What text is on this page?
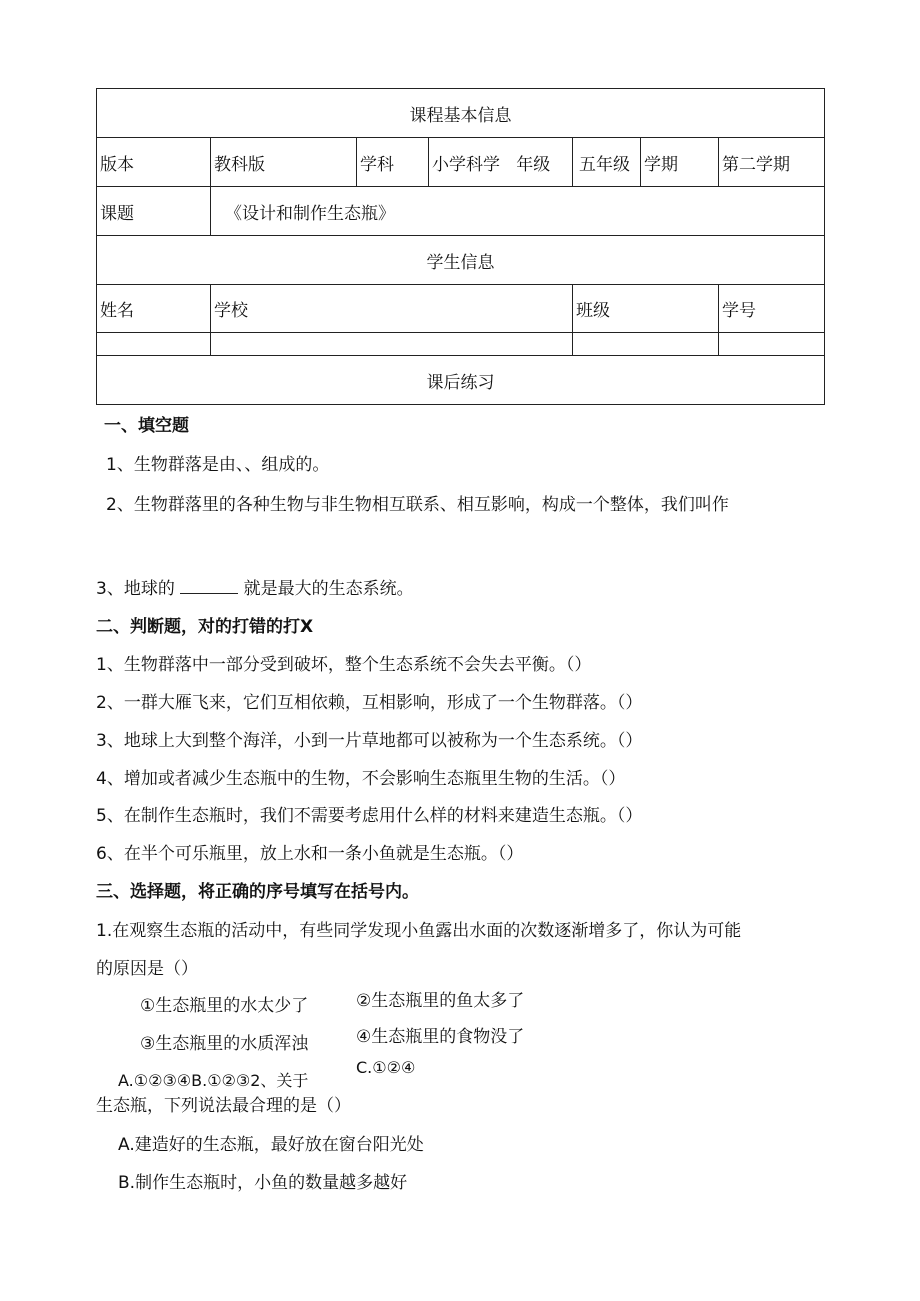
课程基本信息						
版本	教科版	学科	小学科学 年级	五年级	学期	第二学期
课题	《设计和制作生态瓶》					
学生信息						
姓名	学校			班级		学号

课后练习						
一、填空题
1、生物群落是由、、组成的。
2、生物群落里的各种生物与非生物相互联系、相互影响，构成一个整体，我们叫作
3、地球的	就是最大的生态系统。
二、判断题，对的打错的打X
1、生物群落中一部分受到破坏，整个生态系统不会失去平衡。（）
2、一群大雁飞来，它们互相依赖，互相影响，形成了一个生物群落。（）
3、地球上大到整个海洋，小到一片草地都可以被称为一个生态系统。（）
4、增加或者减少生态瓶中的生物，不会影响生态瓶里生物的生活。（）
5、在制作生态瓶时，我们不需要考虑用什么样的材料来建造生态瓶。（）
6、在半个可乐瓶里，放上水和一条小鱼就是生态瓶。（）
三、选择题，将正确的序号填写在括号内。
1.在观察生态瓶的活动中，有些同学发现小鱼露出水面的次数逐渐增多了，你认为可能
的原因是（）
①生态瓶里的水太少了	②生态瓶里的鱼太多了
③生态瓶里的水质浑浊	④生态瓶里的食物没了
A.①②③④B.①②③2、关于
C.①②④
生态瓶，下列说法最合理的是（）
A.建造好的生态瓶，最好放在窗台阳光处
B.制作生态瓶时，小鱼的数量越多越好
